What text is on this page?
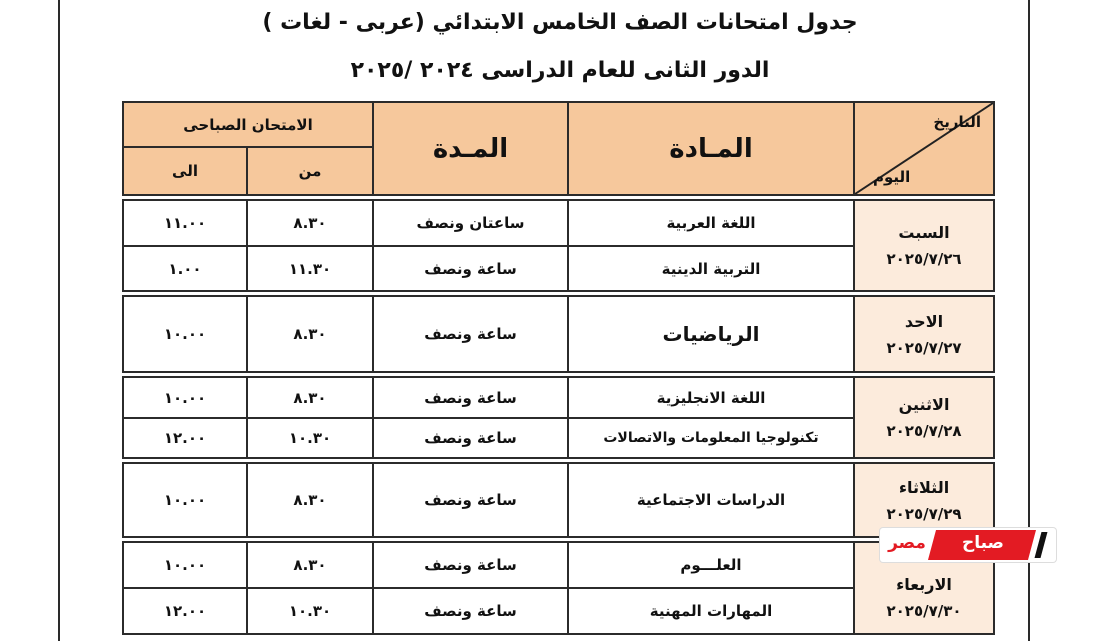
جدول امتحانات الصف الخامس الابتدائي (عربى - لغات )
الدور الثانى للعام الدراسى ٢٠٢٤ /٢٠٢٥
التاريخ
اليوم
المـادة
المـدة
الامتحان الصباحى
من
الى
السبت
٢٠٢٥/٧/٢٦
اللغة العربية
ساعتان ونصف
٨.٣٠
١١.٠٠
التربية الدينية
ساعة ونصف
١١.٣٠
١.٠٠
الاحد
٢٠٢٥/٧/٢٧
الرياضيات
ساعة ونصف
٨.٣٠
١٠.٠٠
الاثنين
٢٠٢٥/٧/٢٨
اللغة الانجليزية
ساعة ونصف
٨.٣٠
١٠.٠٠
تكنولوجيا المعلومات والاتصالات
ساعة ونصف
١٠.٣٠
١٢.٠٠
الثلاثاء
٢٠٢٥/٧/٢٩
الدراسات الاجتماعية
ساعة ونصف
٨.٣٠
١٠.٠٠
الاربعاء
٢٠٢٥/٧/٣٠
العلـــوم
ساعة ونصف
٨.٣٠
١٠.٠٠
المهارات المهنية
ساعة ونصف
١٠.٣٠
١٢.٠٠
صباح
مصر
